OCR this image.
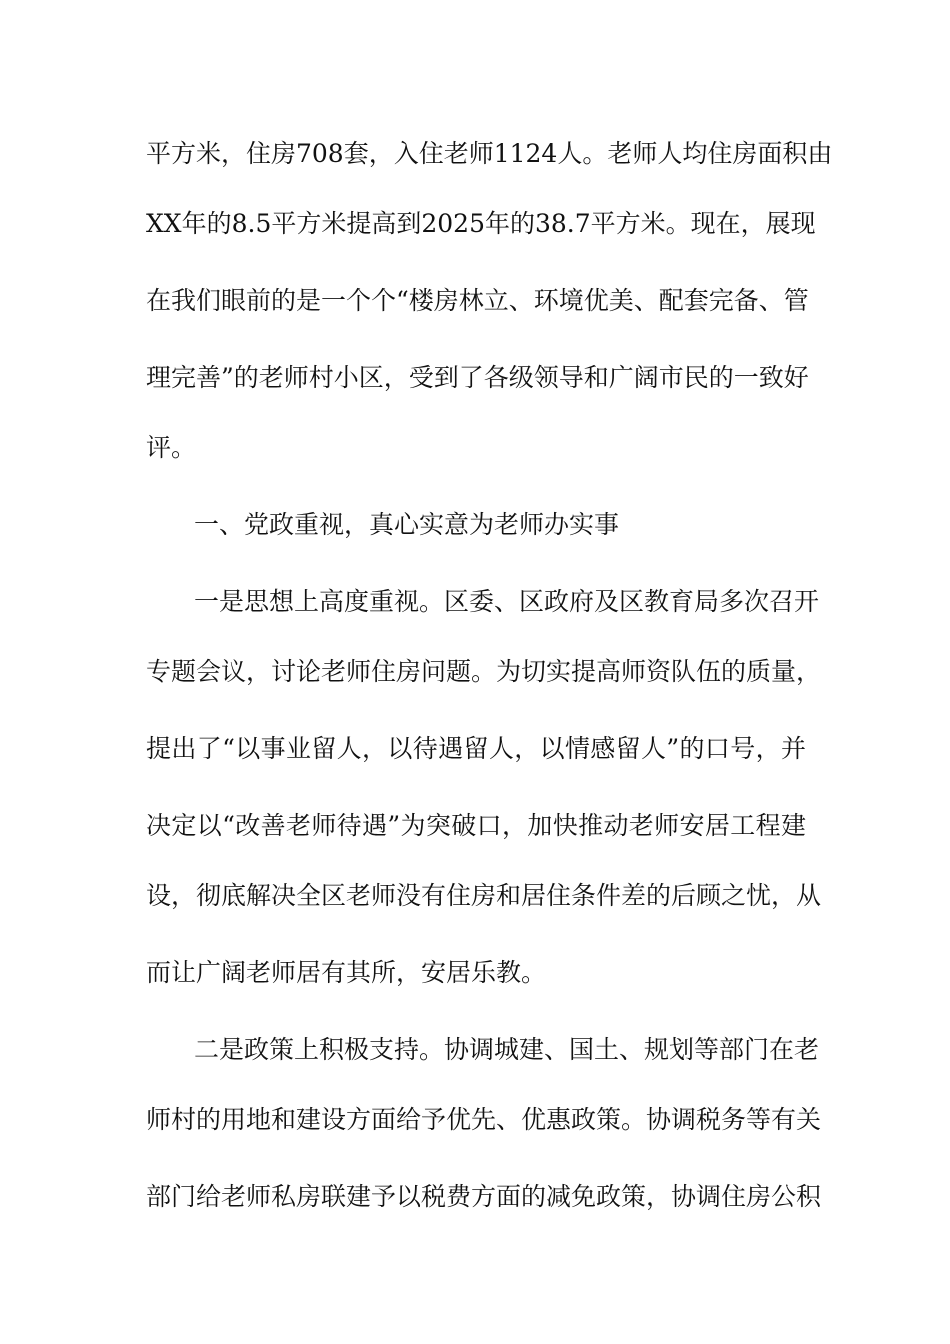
平方米，住房708套，入住老师1124人。老师人均住房面积由
XX年的8.5平方米提高到2025年的38.7平方米。现在，展现
在我们眼前的是一个个“楼房林立、环境优美、配套完备、管
理完善”的老师村小区，受到了各级领导和广阔市民的一致好
评。
一、党政重视，真心实意为老师办实事
一是思想上高度重视。区委、区政府及区教育局多次召开
专题会议，讨论老师住房问题。为切实提高师资队伍的质量，
提出了“以事业留人，以待遇留人，以情感留人”的口号，并
决定以“改善老师待遇”为突破口，加快推动老师安居工程建
设，彻底解决全区老师没有住房和居住条件差的后顾之忧，从
而让广阔老师居有其所，安居乐教。
二是政策上积极支持。协调城建、国土、规划等部门在老
师村的用地和建设方面给予优先、优惠政策。协调税务等有关
部门给老师私房联建予以税费方面的减免政策，协调住房公积
